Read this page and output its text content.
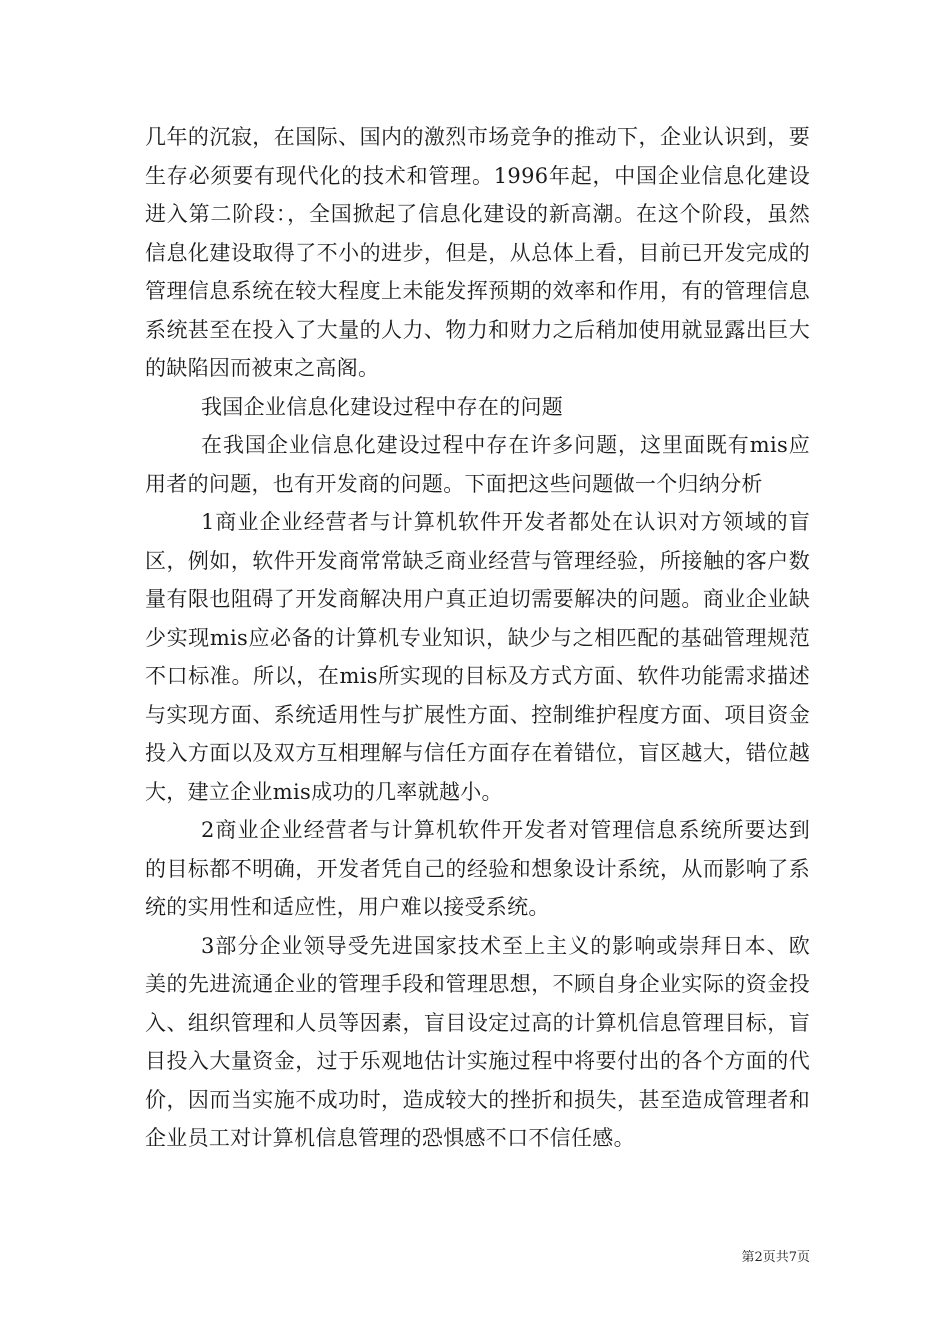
几年的沉寂，在国际、国内的激烈市场竞争的推动下，企业认识到，要生存必须要有现代化的技术和管理。1996年起，中国企业信息化建设进入第二阶段：，全国掀起了信息化建设的新高潮。在这个阶段，虽然信息化建设取得了不小的进步，但是，从总体上看，目前已开发完成的管理信息系统在较大程度上未能发挥预期的效率和作用，有的管理信息系统甚至在投入了大量的人力、物力和财力之后稍加使用就显露出巨大的缺陷因而被束之高阁。

我国企业信息化建设过程中存在的问题

在我国企业信息化建设过程中存在许多问题，这里面既有mis应用者的问题，也有开发商的问题。下面把这些问题做一个归纳分析

1商业企业经营者与计算机软件开发者都处在认识对方领域的盲区，例如，软件开发商常常缺乏商业经营与管理经验，所接触的客户数量有限也阻碍了开发商解决用户真正迫切需要解决的问题。商业企业缺少实现mis应必备的计算机专业知识，缺少与之相匹配的基础管理规范不口标准。所以，在mis所实现的目标及方式方面、软件功能需求描述与实现方面、系统适用性与扩展性方面、控制维护程度方面、项目资金投入方面以及双方互相理解与信任方面存在着错位，盲区越大，错位越大，建立企业mis成功的几率就越小。

2商业企业经营者与计算机软件开发者对管理信息系统所要达到的目标都不明确，开发者凭自己的经验和想象设计系统，从而影响了系统的实用性和适应性，用户难以接受系统。

3部分企业领导受先进国家技术至上主义的影响或崇拜日本、欧美的先进流通企业的管理手段和管理思想，不顾自身企业实际的资金投入、组织管理和人员等因素，盲目设定过高的计算机信息管理目标，盲目投入大量资金，过于乐观地估计实施过程中将要付出的各个方面的代价，因而当实施不成功时，造成较大的挫折和损失，甚至造成管理者和企业员工对计算机信息管理的恐惧感不口不信任感。

第2页共7页
